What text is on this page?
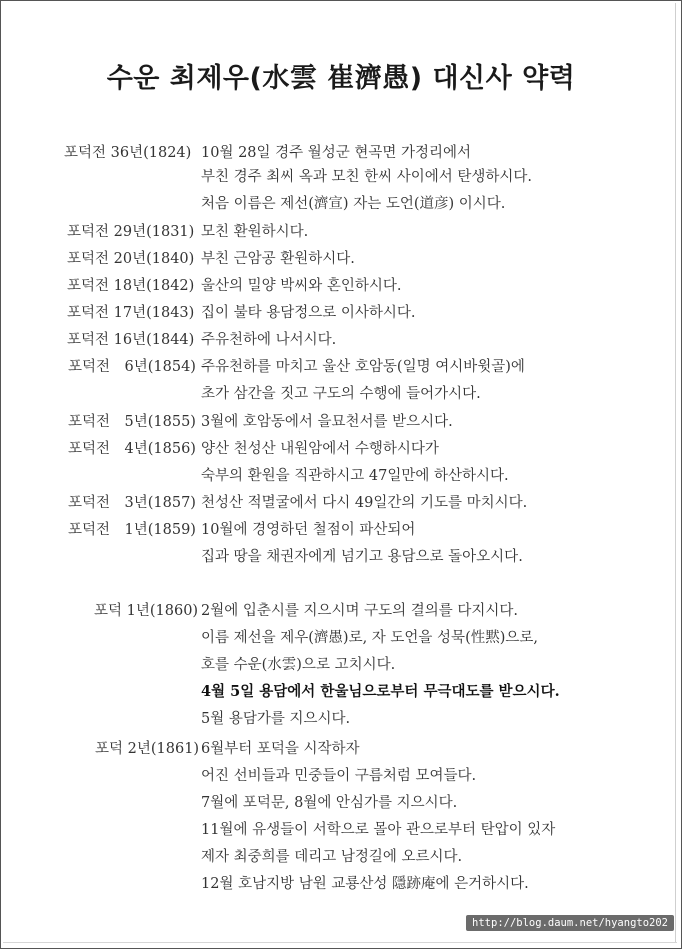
수운 최제우(水雲 崔濟愚) 대신사 약력
포덕전 36년(1824) 10월 28일 경주 월성군 현곡면 가정리에서
부친 경주 최씨 옥과 모친 한씨 사이에서 탄생하시다.
처음 이름은 제선(濟宣) 자는 도언(道彦) 이시다.
포덕전 29년(1831) 모친 환원하시다.
포덕전 20년(1840) 부친 근암공 환원하시다.
포덕전 18년(1842) 울산의 밀양 박씨와 혼인하시다.
포덕전 17년(1843) 집이 불타 용담정으로 이사하시다.
포덕전 16년(1844) 주유천하에 나서시다.
포덕전　6년(1854) 주유천하를 마치고 울산 호암동(일명 여시바윗골)에
초가 삼간을 짓고 구도의 수행에 들어가시다.
포덕전　5년(1855) 3월에 호암동에서 을묘천서를 받으시다.
포덕전　4년(1856) 양산 천성산 내원암에서 수행하시다가
숙부의 환원을 직관하시고 47일만에 하산하시다.
포덕전　3년(1857) 천성산 적멸굴에서 다시 49일간의 기도를 마치시다.
포덕전　1년(1859) 10월에 경영하던 철점이 파산되어
집과 땅을 채권자에게 넘기고 용담으로 돌아오시다.
포덕 1년(1860) 2월에 입춘시를 지으시며 구도의 결의를 다지시다.
이름 제선을 제우(濟愚)로, 자 도언을 성묵(性黙)으로,
호를 수운(水雲)으로 고치시다.
4월 5일 용담에서 한울님으로부터 무극대도를 받으시다.
5월 용담가를 지으시다.
포덕 2년(1861) 6월부터 포덕을 시작하자
어진 선비들과 민중들이 구름처럼 모여들다.
7월에 포덕문, 8월에 안심가를 지으시다.
11월에 유생들이 서학으로 몰아 관으로부터 탄압이 있자
제자 최중희를 데리고 남정길에 오르시다.
12월 호남지방 남원 교룡산성 隱跡庵에 은거하시다.
http://blog.daum.net/hyangto202
